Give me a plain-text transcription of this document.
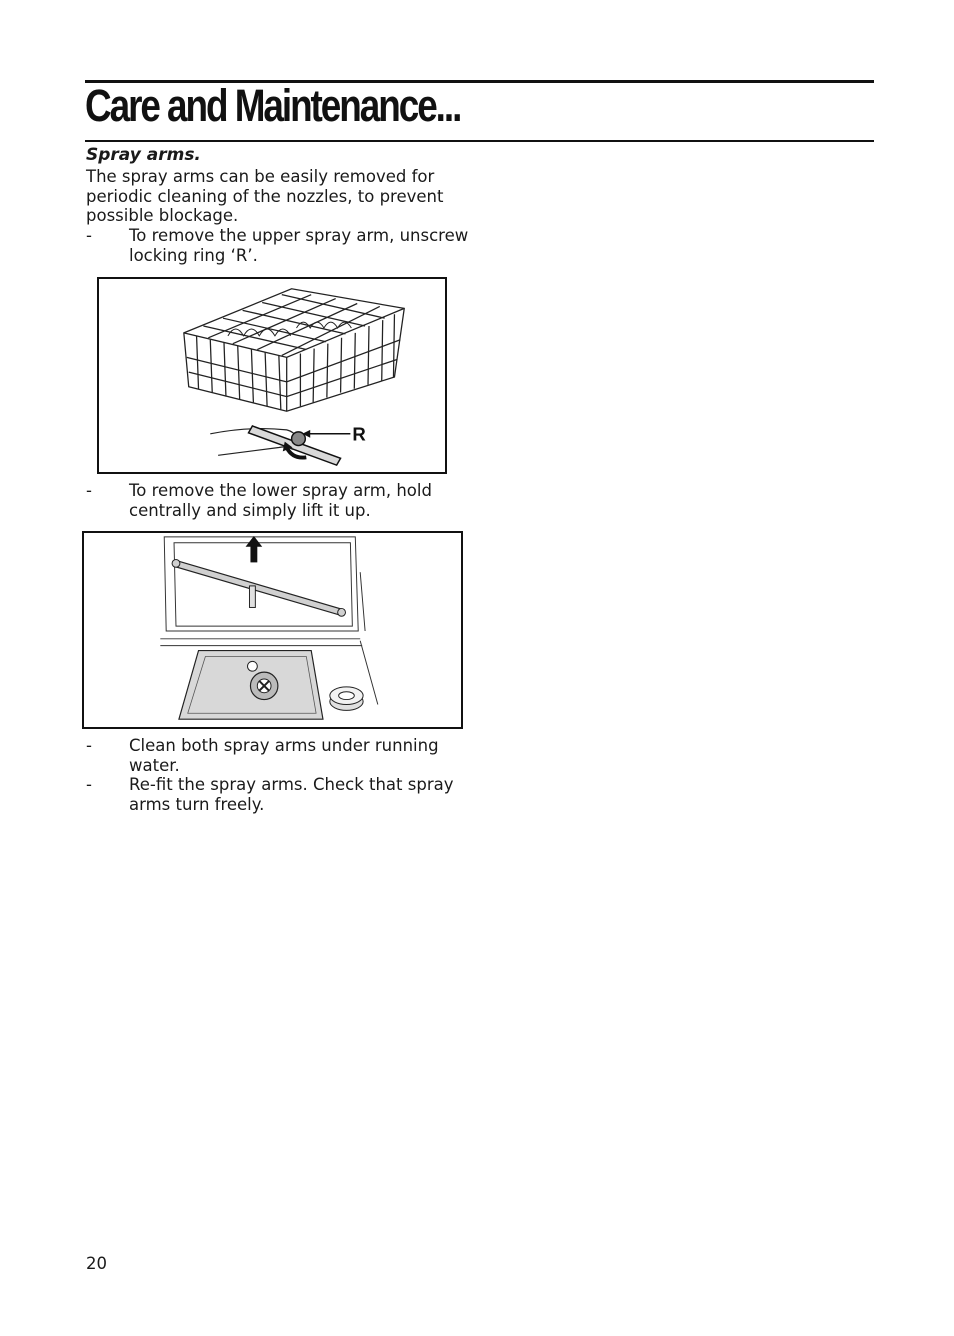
Care and Maintenance...
Spray arms.
The spray arms can be easily removed for periodic cleaning of the nozzles, to prevent possible blockage.
- To remove the upper spray arm, unscrew locking ring ‘R’.
R
- To remove the lower spray arm, hold centrally and simply lift it up.
- Clean both spray arms under running water.
- Re-fit the spray arms. Check that spray arms turn freely.
20
